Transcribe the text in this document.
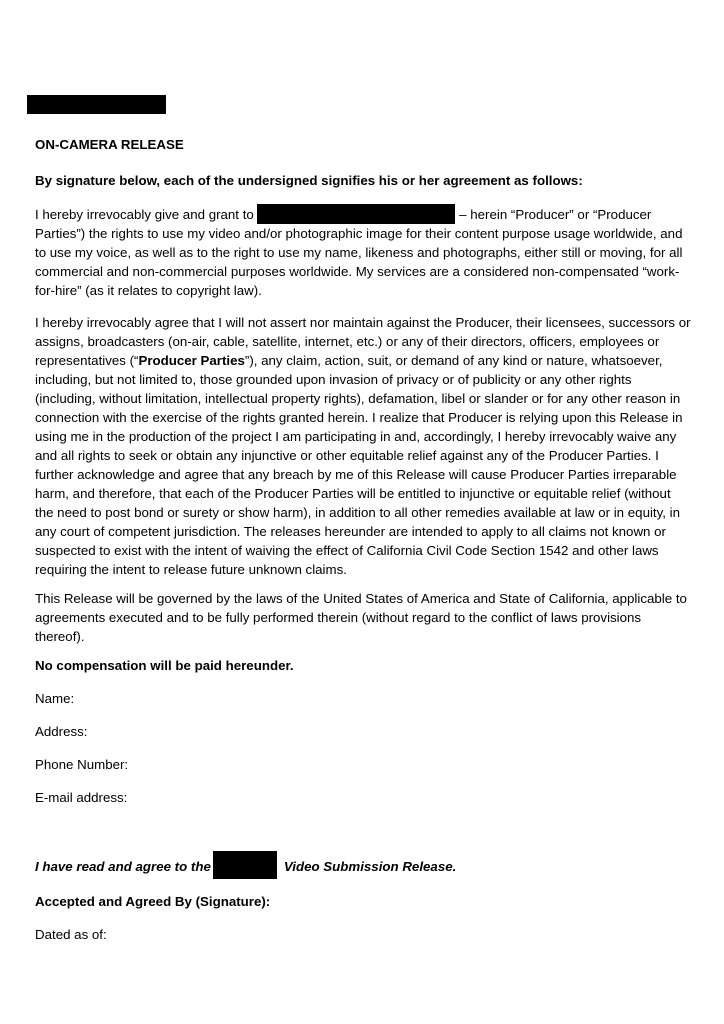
ON-CAMERA RELEASE

By signature below, each of the undersigned signifies his or her agreement as follows:

I hereby irrevocably give and grant to	– herein “Producer” or “Producer Parties”) the rights to use my video and/or photographic image for their content purpose usage worldwide, and to use my voice, as well as to the right to use my name, likeness and photographs, either still or moving, for all commercial and non-commercial purposes worldwide. My services are a considered non-compensated “work-for-hire” (as it relates to copyright law).

I hereby irrevocably agree that I will not assert nor maintain against the Producer, their licensees, successors or assigns, broadcasters (on-air, cable, satellite, internet, etc.) or any of their directors, officers, employees or representatives (“Producer Parties”), any claim, action, suit, or demand of any kind or nature, whatsoever, including, but not limited to, those grounded upon invasion of privacy or of publicity or any other rights (including, without limitation, intellectual property rights), defamation, libel or slander or for any other reason in connection with the exercise of the rights granted herein. I realize that Producer is relying upon this Release in using me in the production of the project I am participating in and, accordingly, I hereby irrevocably waive any and all rights to seek or obtain any injunctive or other equitable relief against any of the Producer Parties. I further acknowledge and agree that any breach by me of this Release will cause Producer Parties irreparable harm, and therefore, that each of the Producer Parties will be entitled to injunctive or equitable relief (without the need to post bond or surety or show harm), in addition to all other remedies available at law or in equity, in any court of competent jurisdiction. The releases hereunder are intended to apply to all claims not known or suspected to exist with the intent of waiving the effect of California Civil Code Section 1542 and other laws requiring the intent to release future unknown claims.

This Release will be governed by the laws of the United States of America and State of California, applicable to agreements executed and to be fully performed therein (without regard to the conflict of laws provisions thereof).

No compensation will be paid hereunder.

Name:

Address:

Phone Number:

E-mail address:

I have read and agree to the	Video Submission Release.

Accepted and Agreed By (Signature):

Dated as of:
